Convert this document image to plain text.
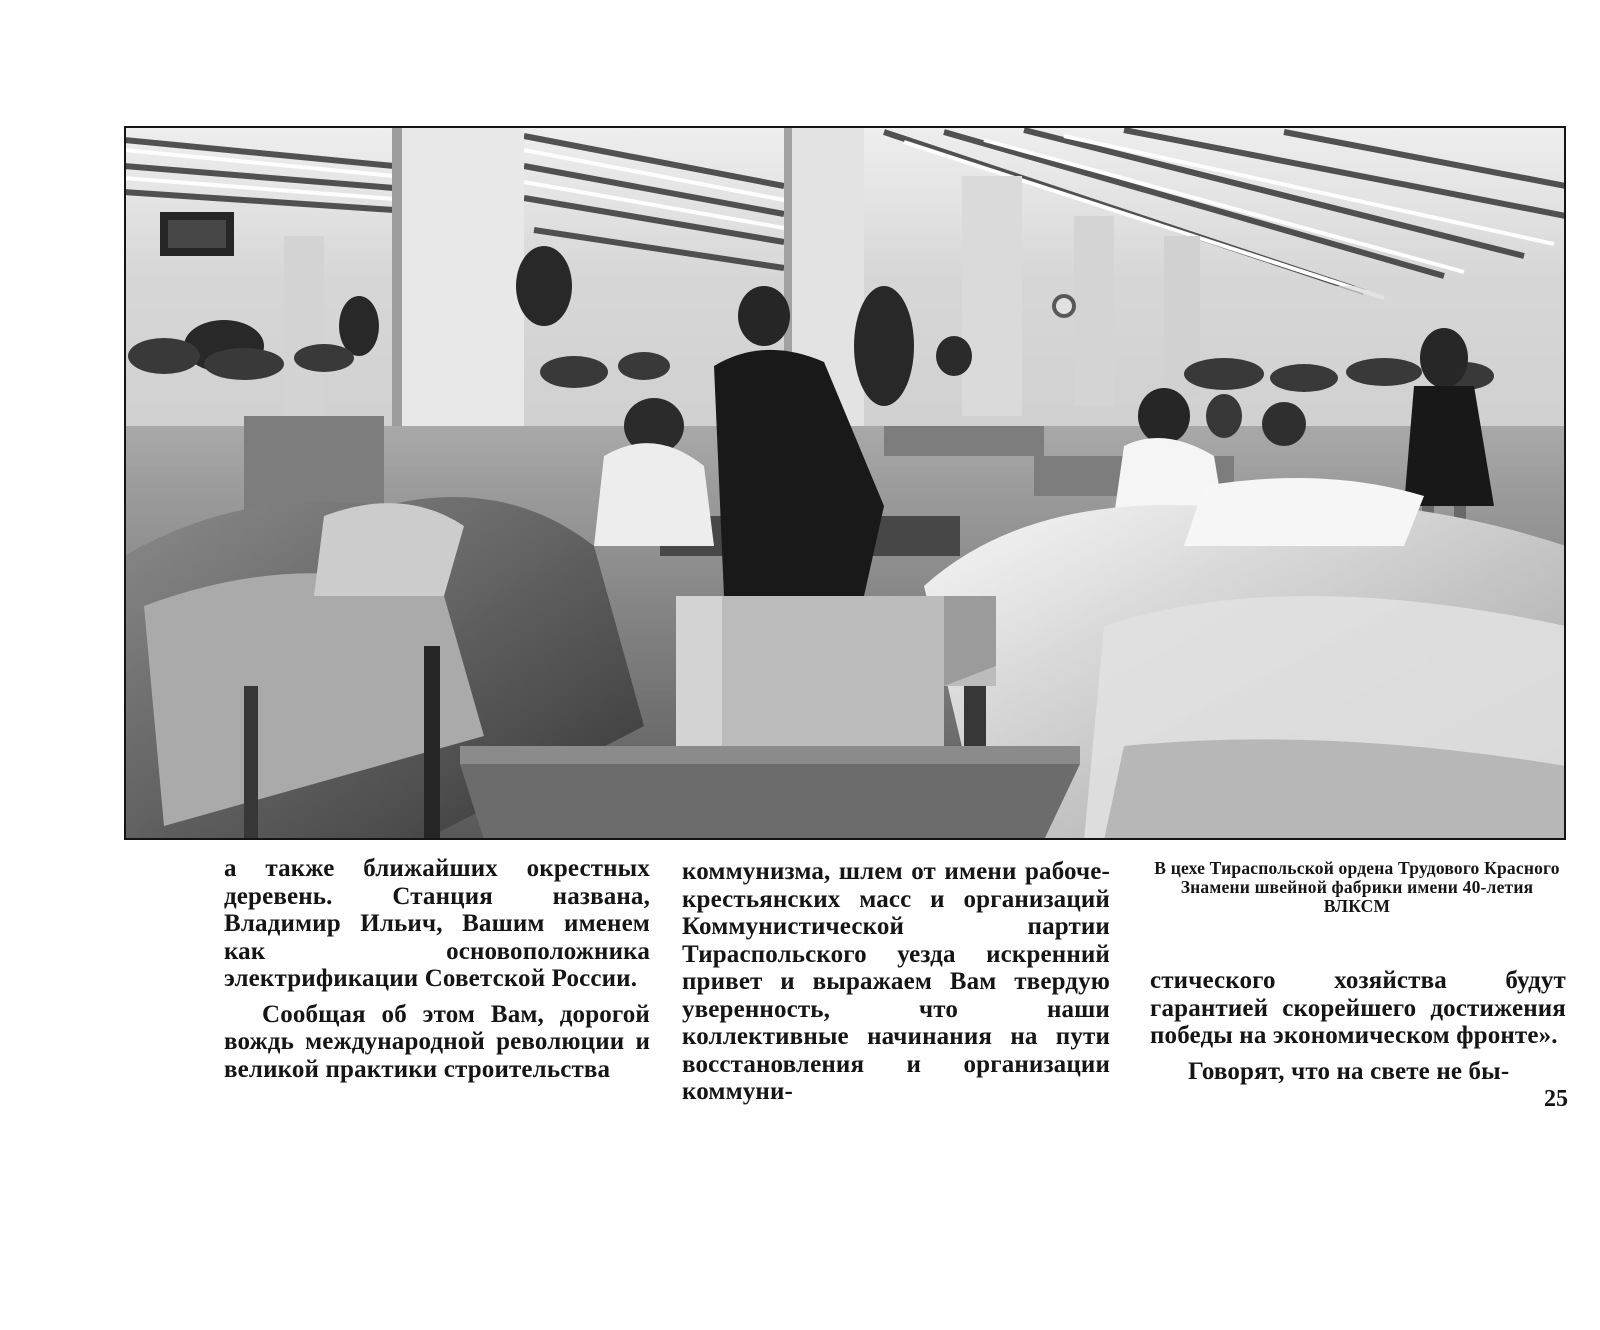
а также ближайших окрестных деревень. Станция названа, Владимир Ильич, Вашим именем как основоположника электрификации Советской России.

Сообщая об этом Вам, дорогой вождь международной революции и великой практики строительства

коммунизма, шлем от имени рабоче-крестьянских масс и организаций Коммунистической партии Тираспольского уезда искренний привет и выражаем Вам твердую уверенность, что наши коллективные начинания на пути восстановления и организации коммуни-

В цехе Тираспольской ордена Трудового Красного Знамени швейной фабрики имени 40-летия ВЛКСМ

стического хозяйства будут гарантией скорейшего достижения победы на экономическом фронте».

Говорят, что на свете не бы-

25
